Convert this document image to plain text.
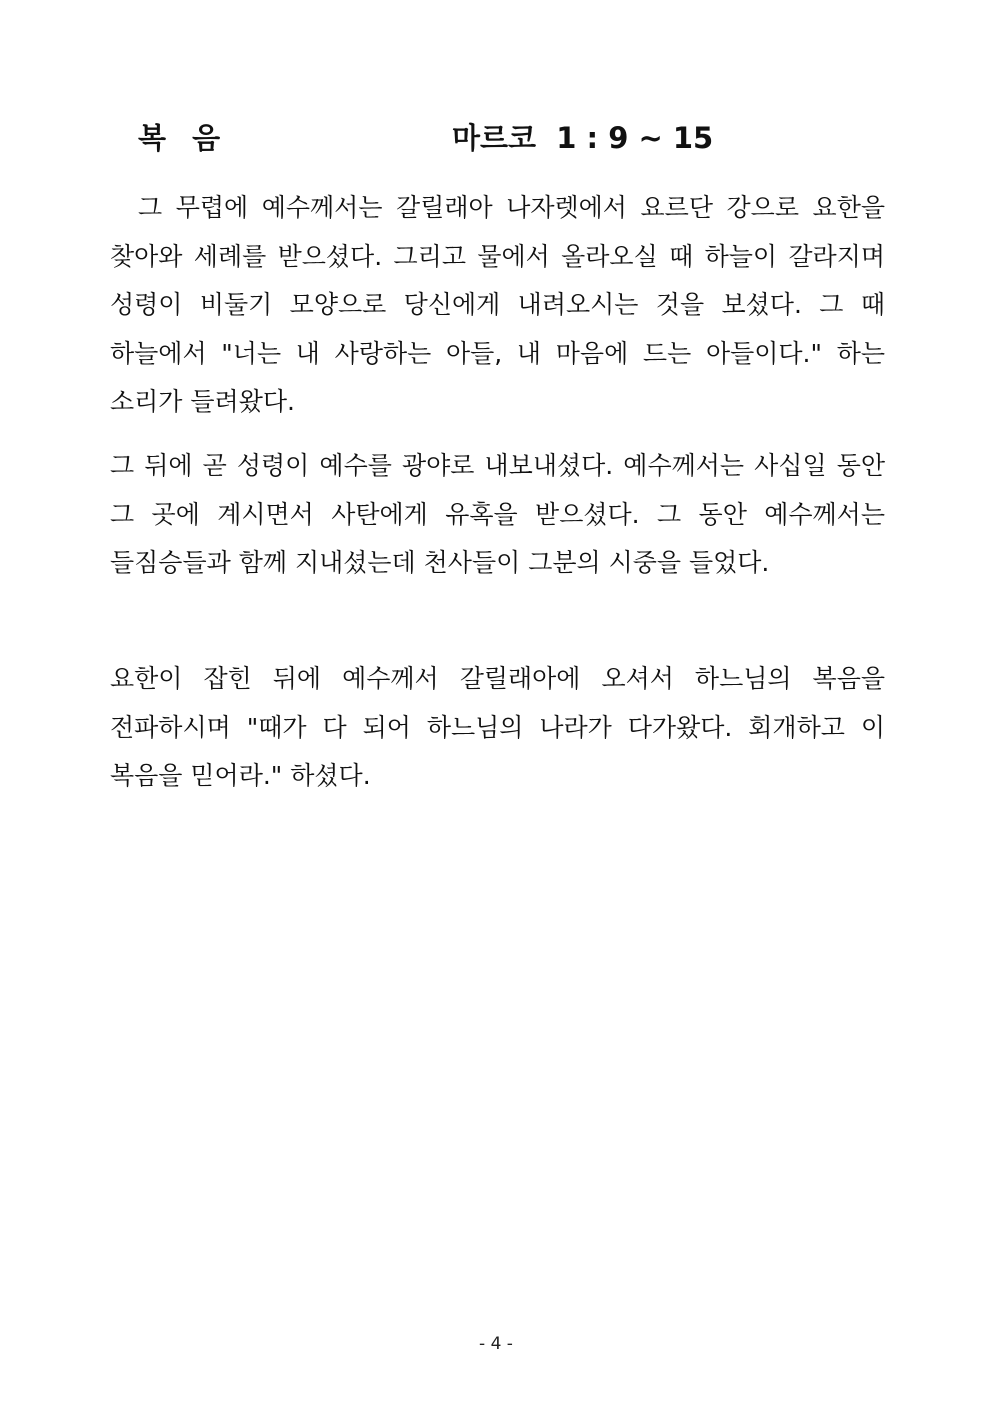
복 음	마르코  1 : 9 ~ 15

그 무렵에 예수께서는 갈릴래아 나자렛에서 요르단 강으로 요한을 찾아와 세례를 받으셨다. 그리고 물에서 올라오실 때 하늘이 갈라지며 성령이 비둘기 모양으로 당신에게 내려오시는 것을 보셨다. 그 때 하늘에서 "너는 내 사랑하는 아들, 내 마음에 드는 아들이다." 하는 소리가 들려왔다.

그 뒤에 곧 성령이 예수를 광야로 내보내셨다. 예수께서는 사십일 동안 그 곳에 계시면서 사탄에게 유혹을 받으셨다. 그 동안 예수께서는 들짐승들과 함께 지내셨는데 천사들이 그분의 시중을 들었다.

요한이 잡힌 뒤에 예수께서 갈릴래아에 오셔서 하느님의 복음을 전파하시며 "때가 다 되어 하느님의 나라가 다가왔다. 회개하고 이 복음을 믿어라." 하셨다.

- 4 -
